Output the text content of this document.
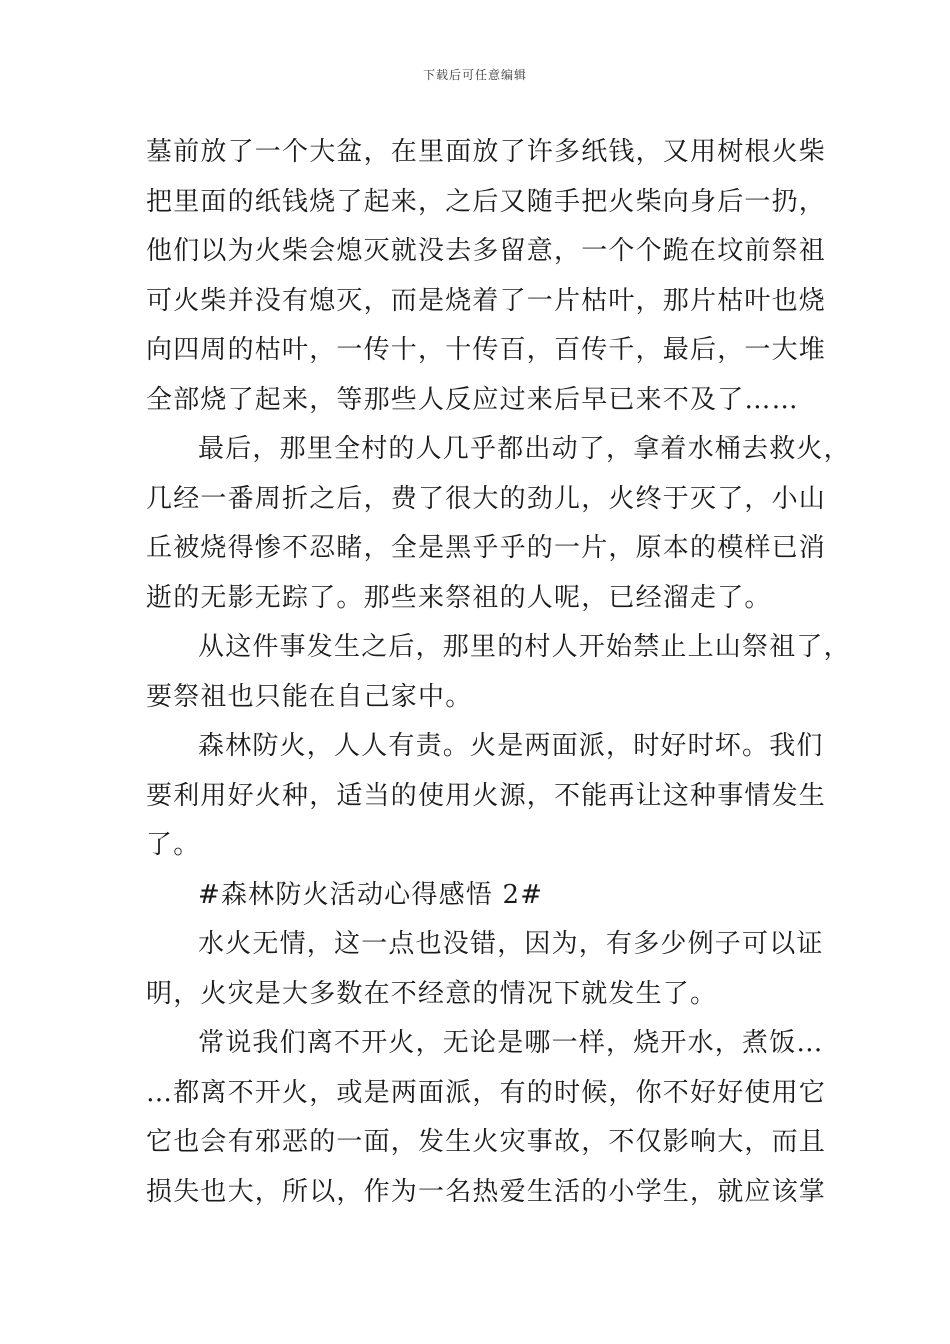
下载后可任意编辑
墓前放了一个大盆，在里面放了许多纸钱，又用树根火柴
把里面的纸钱烧了起来，之后又随手把火柴向身后一扔，
他们以为火柴会熄灭就没去多留意，一个个跪在坟前祭祖
可火柴并没有熄灭，而是烧着了一片枯叶，那片枯叶也烧
向四周的枯叶，一传十，十传百，百传千，最后，一大堆
全部烧了起来，等那些人反应过来后早已来不及了……
最后，那里全村的人几乎都出动了，拿着水桶去救火，
几经一番周折之后，费了很大的劲儿，火终于灭了，小山
丘被烧得惨不忍睹，全是黑乎乎的一片，原本的模样已消
逝的无影无踪了。那些来祭祖的人呢，已经溜走了。
从这件事发生之后，那里的村人开始禁止上山祭祖了，
要祭祖也只能在自己家中。
森林防火，人人有责。火是两面派，时好时坏。我们
要利用好火种，适当的使用火源，不能再让这种事情发生
了。
#森林防火活动心得感悟 2#
水火无情，这一点也没错，因为，有多少例子可以证
明，火灾是大多数在不经意的情况下就发生了。
常说我们离不开火，无论是哪一样，烧开水，煮饭…
…都离不开火，或是两面派，有的时候，你不好好使用它
它也会有邪恶的一面，发生火灾事故，不仅影响大，而且
损失也大，所以，作为一名热爱生活的小学生，就应该掌
